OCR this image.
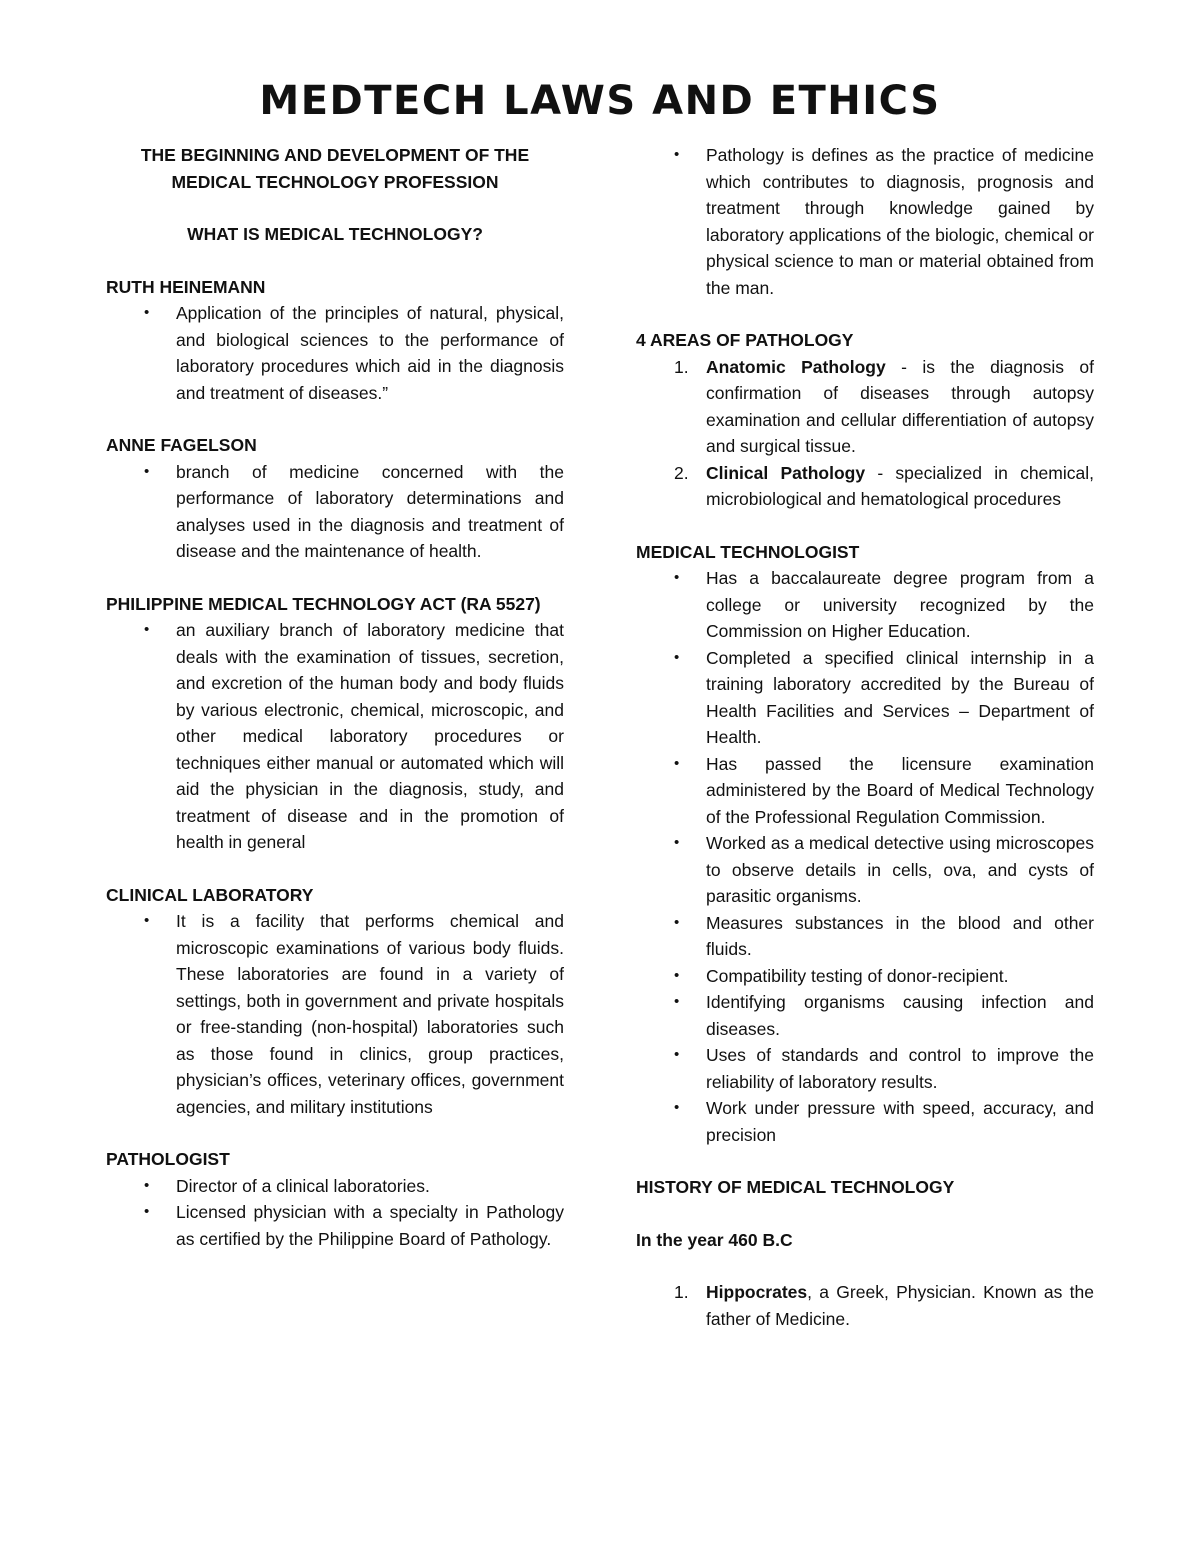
MEDTECH LAWS AND ETHICS
THE BEGINNING AND DEVELOPMENT OF THE
MEDICAL TECHNOLOGY PROFESSION
WHAT IS MEDICAL TECHNOLOGY?
RUTH HEINEMANN
• Application of the principles of natural, physical, and biological sciences to the performance of laboratory procedures which aid in the diagnosis and treatment of diseases.”
ANNE FAGELSON
• branch of medicine concerned with the performance of laboratory determinations and analyses used in the diagnosis and treatment of disease and the maintenance of health.
PHILIPPINE MEDICAL TECHNOLOGY ACT (RA 5527)
• an auxiliary branch of laboratory medicine that deals with the examination of tissues, secretion, and excretion of the human body and body fluids by various electronic, chemical, microscopic, and other medical laboratory procedures or techniques either manual or automated which will aid the physician in the diagnosis, study, and treatment of disease and in the promotion of health in general
CLINICAL LABORATORY
• It is a facility that performs chemical and microscopic examinations of various body fluids. These laboratories are found in a variety of settings, both in government and private hospitals or free-standing (non-hospital) laboratories such as those found in clinics, group practices, physician’s offices, veterinary offices, government agencies, and military institutions
PATHOLOGIST
• Director of a clinical laboratories.
• Licensed physician with a specialty in Pathology as certified by the Philippine Board of Pathology.
• Pathology is defines as the practice of medicine which contributes to diagnosis, prognosis and treatment through knowledge gained by laboratory applications of the biologic, chemical or physical science to man or material obtained from the man.
4 AREAS OF PATHOLOGY
1. Anatomic Pathology - is the diagnosis of confirmation of diseases through autopsy examination and cellular differentiation of autopsy and surgical tissue.
2. Clinical Pathology - specialized in chemical, microbiological and hematological procedures
MEDICAL TECHNOLOGIST
• Has a baccalaureate degree program from a college or university recognized by the Commission on Higher Education.
• Completed a specified clinical internship in a training laboratory accredited by the Bureau of Health Facilities and Services – Department of Health.
• Has passed the licensure examination administered by the Board of Medical Technology of the Professional Regulation Commission.
• Worked as a medical detective using microscopes to observe details in cells, ova, and cysts of parasitic organisms.
• Measures substances in the blood and other fluids.
• Compatibility testing of donor-recipient.
• Identifying organisms causing infection and diseases.
• Uses of standards and control to improve the reliability of laboratory results.
• Work under pressure with speed, accuracy, and precision
HISTORY OF MEDICAL TECHNOLOGY
In the year 460 B.C
1. Hippocrates, a Greek, Physician. Known as the father of Medicine.
